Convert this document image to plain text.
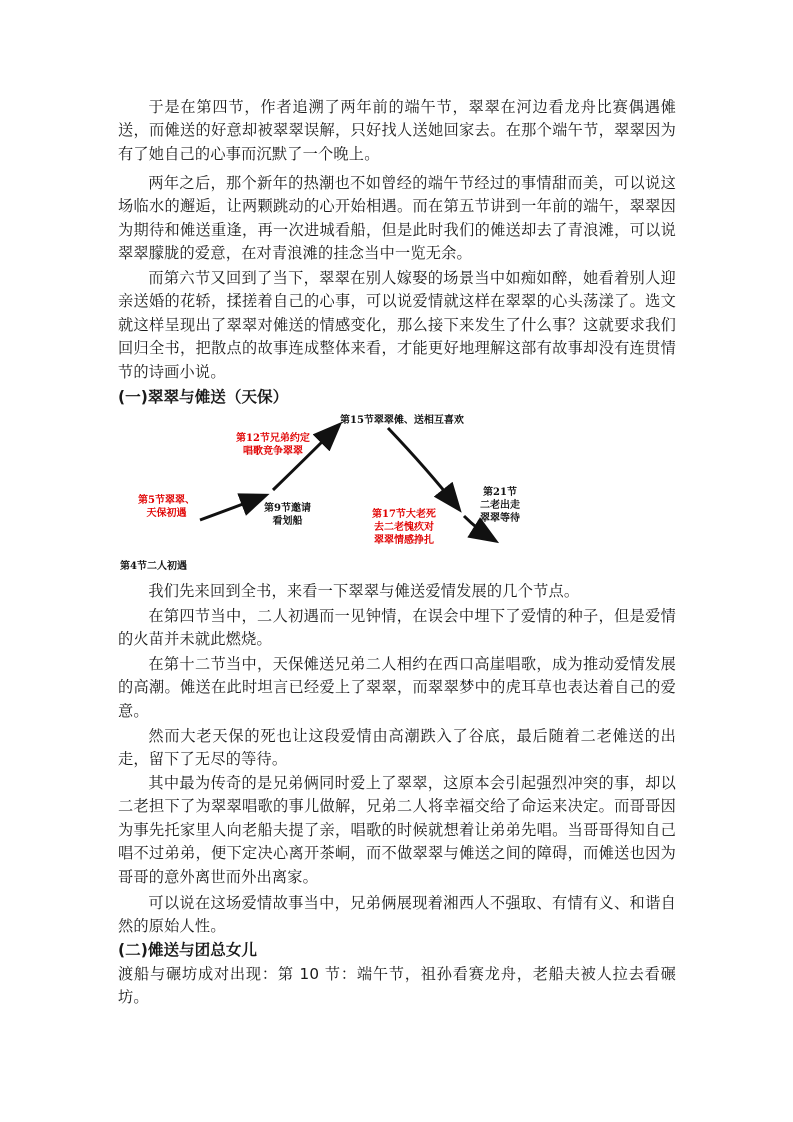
于是在第四节，作者追溯了两年前的端午节，翠翠在河边看龙舟比赛偶遇傩送，而傩送的好意却被翠翠误解，只好找人送她回家去。在那个端午节，翠翠因为有了她自己的心事而沉默了一个晚上。

两年之后，那个新年的热潮也不如曾经的端午节经过的事情甜而美，可以说这场临水的邂逅，让两颗跳动的心开始相遇。而在第五节讲到一年前的端午，翠翠因为期待和傩送重逢，再一次进城看船，但是此时我们的傩送却去了青浪滩，可以说翠翠朦胧的爱意，在对青浪滩的挂念当中一览无余。

而第六节又回到了当下，翠翠在别人嫁娶的场景当中如痴如醉，她看着别人迎亲送婚的花轿，揉搓着自己的心事，可以说爱情就这样在翠翠的心头荡漾了。选文就这样呈现出了翠翠对傩送的情感变化，那么接下来发生了什么事？这就要求我们回归全书，把散点的故事连成整体来看，才能更好地理解这部有故事却没有连贯情节的诗画小说。

(一)翠翠与傩送（天保）

第15节翠翠傩、送相互喜欢
第12节兄弟约定
唱歌竞争翠翠
第5节翠翠、
天保初遇	第9节邀请
看划船
第17节大老死
去二老愧疚对
翠翠情感挣扎
第21节
二老出走
翠翠等待
第4节二人初遇

我们先来回到全书，来看一下翠翠与傩送爱情发展的几个节点。

在第四节当中，二人初遇而一见钟情，在误会中埋下了爱情的种子，但是爱情的火苗并未就此燃烧。

在第十二节当中，天保傩送兄弟二人相约在西口高崖唱歌，成为推动爱情发展的高潮。傩送在此时坦言已经爱上了翠翠，而翠翠梦中的虎耳草也表达着自己的爱意。

然而大老天保的死也让这段爱情由高潮跌入了谷底，最后随着二老傩送的出走，留下了无尽的等待。

其中最为传奇的是兄弟俩同时爱上了翠翠，这原本会引起强烈冲突的事，却以二老担下了为翠翠唱歌的事儿做解，兄弟二人将幸福交给了命运来决定。而哥哥因为事先托家里人向老船夫提了亲，唱歌的时候就想着让弟弟先唱。当哥哥得知自己唱不过弟弟，便下定决心离开茶峒，而不做翠翠与傩送之间的障碍，而傩送也因为哥哥的意外离世而外出离家。

可以说在这场爱情故事当中，兄弟俩展现着湘西人不强取、有情有义、和谐自然的原始人性。

(二)傩送与团总女儿

渡船与碾坊成对出现：第 10 节：端午节，祖孙看赛龙舟，老船夫被人拉去看碾坊。
